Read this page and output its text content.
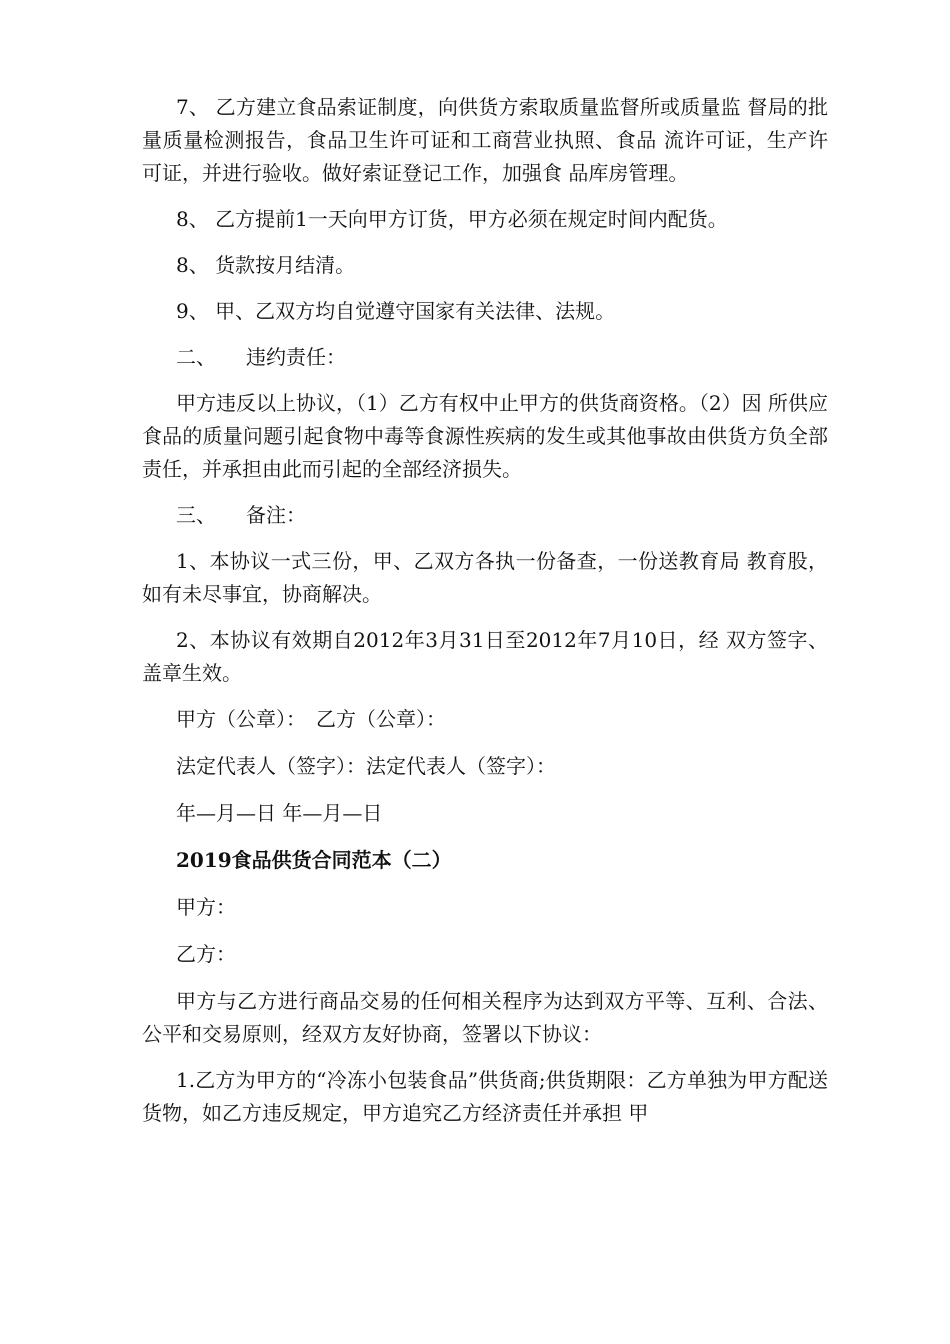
7、 乙方建立食品索证制度，向供货方索取质量监督所或质量监 督局的批量质量检测报告，食品卫生许可证和工商营业执照、食品 流许可证，生产许可证，并进行验收。做好索证登记工作，加强食 品库房管理。

8、 乙方提前1一天向甲方订货，甲方必须在规定时间内配货。

8、 货款按月结清。

9、 甲、乙双方均自觉遵守国家有关法律、法规。

二、　　违约责任：

甲方违反以上协议，（1）乙方有权中止甲方的供货商资格。（2）因 所供应食品的质量问题引起食物中毒等食源性疾病的发生或其他事故由供货方负全部责任，并承担由此而引起的全部经济损失。

三、　　备注：

1、本协议一式三份，甲、乙双方各执一份备查，一份送教育局 教育股，如有未尽事宜，协商解决。

2、本协议有效期自2012年3月31日至2012年7月10日，经 双方签字、盖章生效。

甲方（公章）：　乙方（公章）：

法定代表人（签字）：法定代表人（签字）：

年—月—日 年—月—日

2019食品供货合同范本（二）

甲方：

乙方：

甲方与乙方进行商品交易的任何相关程序为达到双方平等、互利、合法、公平和交易原则，经双方友好协商，签署以下协议：

1.乙方为甲方的“冷冻小包装食品”供货商;供货期限：乙方单独为甲方配送货物，如乙方违反规定，甲方追究乙方经济责任并承担 甲
